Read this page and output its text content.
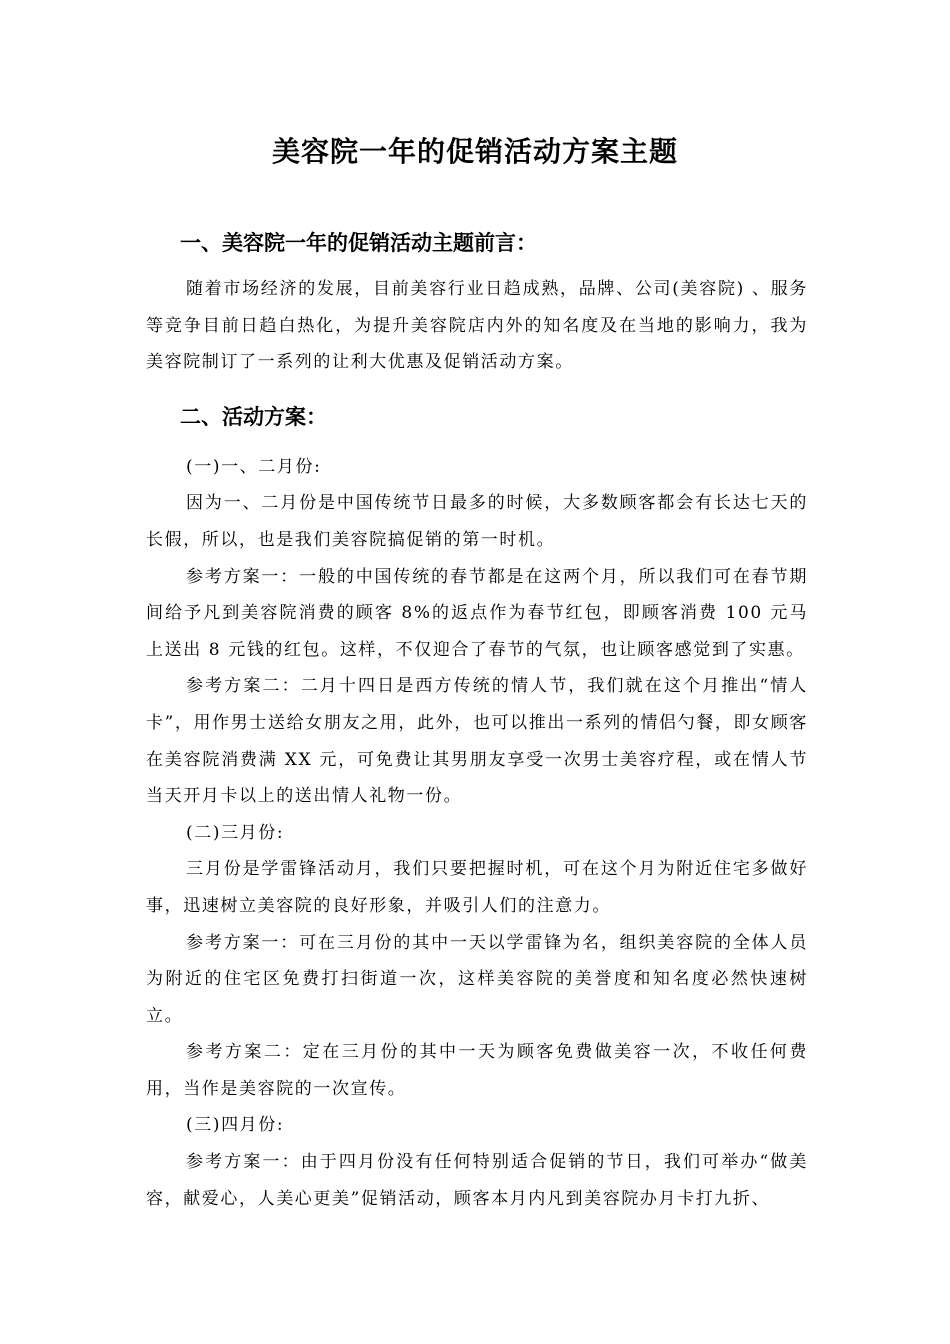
美容院一年的促销活动方案主题
一、美容院一年的促销活动主题前言：

随着市场经济的发展，目前美容行业日趋成熟，品牌、公司(美容院) 、服务等竞争目前日趋白热化，为提升美容院店内外的知名度及在当地的影响力，我为美容院制订了一系列的让利大优惠及促销活动方案。

二、活动方案：

(一)一、二月份:

因为一、二月份是中国传统节日最多的时候，大多数顾客都会有长达七天的长假，所以，也是我们美容院搞促销的第一时机。

参考方案一：一般的中国传统的春节都是在这两个月，所以我们可在春节期间给予凡到美容院消费的顾客 8%的返点作为春节红包，即顾客消费 100 元马上送出 8 元钱的红包。这样，不仅迎合了春节的气氛，也让顾客感觉到了实惠。

参考方案二：二月十四日是西方传统的情人节，我们就在这个月推出“情人卡”，用作男士送给女朋友之用，此外，也可以推出一系列的情侣勺餐，即女顾客在美容院消费满 XX 元，可免费让其男朋友享受一次男士美容疗程，或在情人节当天开月卡以上的送出情人礼物一份。

(二)三月份:

三月份是学雷锋活动月，我们只要把握时机，可在这个月为附近住宅多做好事，迅速树立美容院的良好形象，并吸引人们的注意力。

参考方案一：可在三月份的其中一天以学雷锋为名，组织美容院的全体人员为附近的住宅区免费打扫街道一次，这样美容院的美誉度和知名度必然快速树立。

参考方案二：定在三月份的其中一天为顾客免费做美容一次，不收任何费用，当作是美容院的一次宣传。

(三)四月份:

参考方案一：由于四月份没有任何特别适合促销的节日，我们可举办“做美容，献爱心，人美心更美”促销活动，顾客本月内凡到美容院办月卡打九折、
